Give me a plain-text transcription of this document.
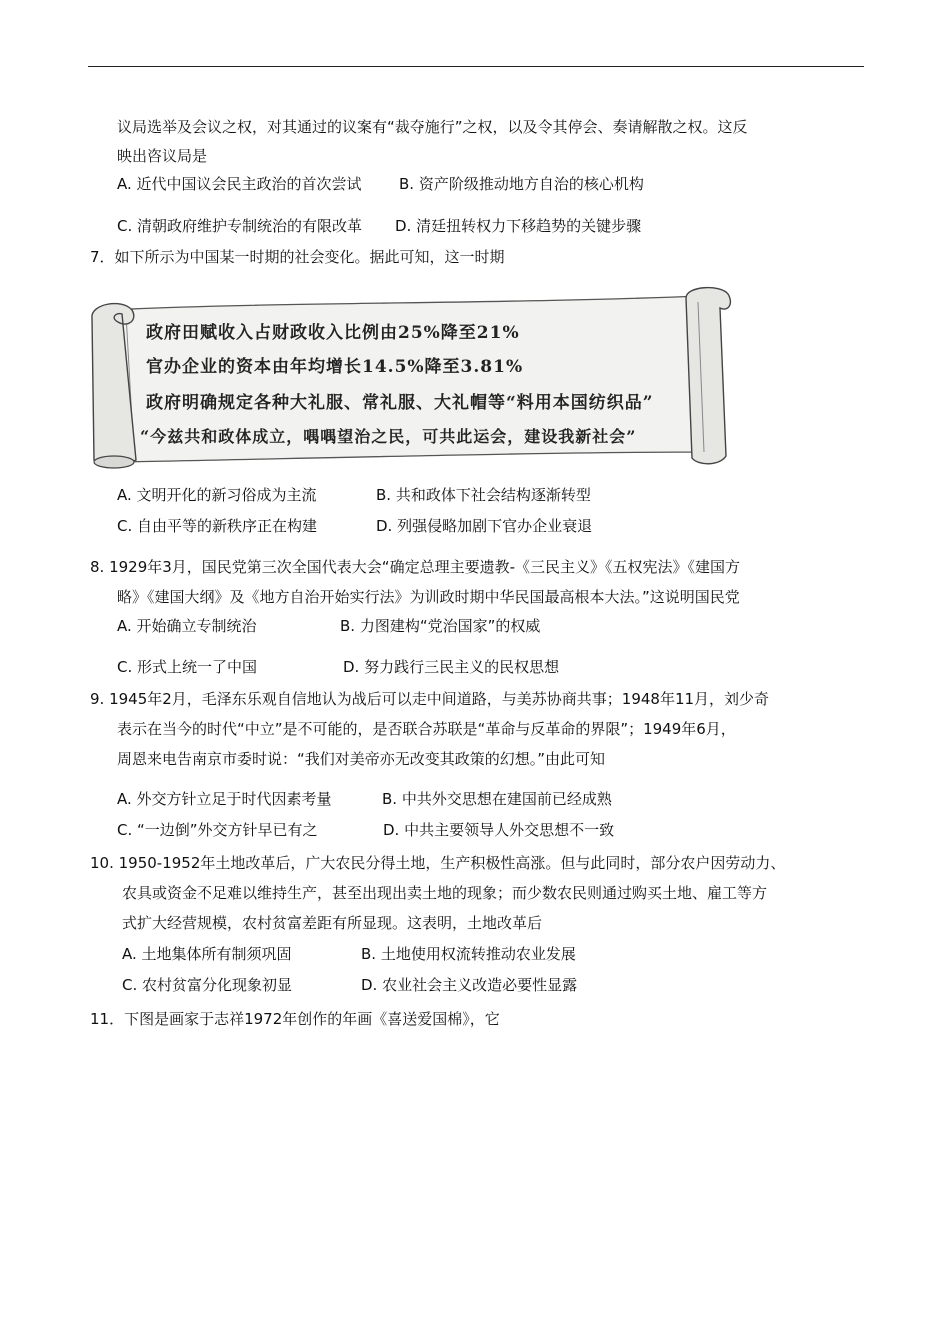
议局选举及会议之权，对其通过的议案有“裁夺施行”之权，以及令其停会、奏请解散之权。这反
映出咨议局是
A. 近代中国议会民主政治的首次尝试 B. 资产阶级推动地方自治的核心机构
C. 清朝政府维护专制统治的有限改革 D. 清廷扭转权力下移趋势的关键步骤
7．如下所示为中国某一时期的社会变化。据此可知，这一时期
政府田赋收入占财政收入比例由25%降至21%
官办企业的资本由年均增长14.5%降至3.81%
政府明确规定各种大礼服、常礼服、大礼帽等“料用本国纺织品”
“今兹共和政体成立，喁喁望治之民，可共此运会，建设我新社会”
A. 文明开化的新习俗成为主流	B. 共和政体下社会结构逐渐转型
C. 自由平等的新秩序正在构建	D. 列强侵略加剧下官办企业衰退
8. 1929年3月，国民党第三次全国代表大会“确定总理主要遗教-《三民主义》《五权宪法》《建国方
略》《建国大纲》及《地方自治开始实行法》为训政时期中华民国最高根本大法。”这说明国民党
A. 开始确立专制统治	B. 力图建构“党治国家”的权威
C. 形式上统一了中国	D. 努力践行三民主义的民权思想
9. 1945年2月，毛泽东乐观自信地认为战后可以走中间道路，与美苏协商共事；1948年11月，刘少奇
表示在当今的时代“中立”是不可能的，是否联合苏联是“革命与反革命的界限”；1949年6月，
周恩来电告南京市委时说：“我们对美帝亦无改变其政策的幻想。”由此可知
A. 外交方针立足于时代因素考量	B. 中共外交思想在建国前已经成熟
C. “一边倒”外交方针早已有之	D. 中共主要领导人外交思想不一致
10. 1950-1952年土地改革后，广大农民分得土地，生产积极性高涨。但与此同时，部分农户因劳动力、
农具或资金不足难以维持生产，甚至出现出卖土地的现象；而少数农民则通过购买土地、雇工等方
式扩大经营规模，农村贫富差距有所显现。这表明，土地改革后
A. 土地集体所有制须巩固	B. 土地使用权流转推动农业发展
C. 农村贫富分化现象初显	D. 农业社会主义改造必要性显露
11．下图是画家于志祥1972年创作的年画《喜送爱国棉》，它
